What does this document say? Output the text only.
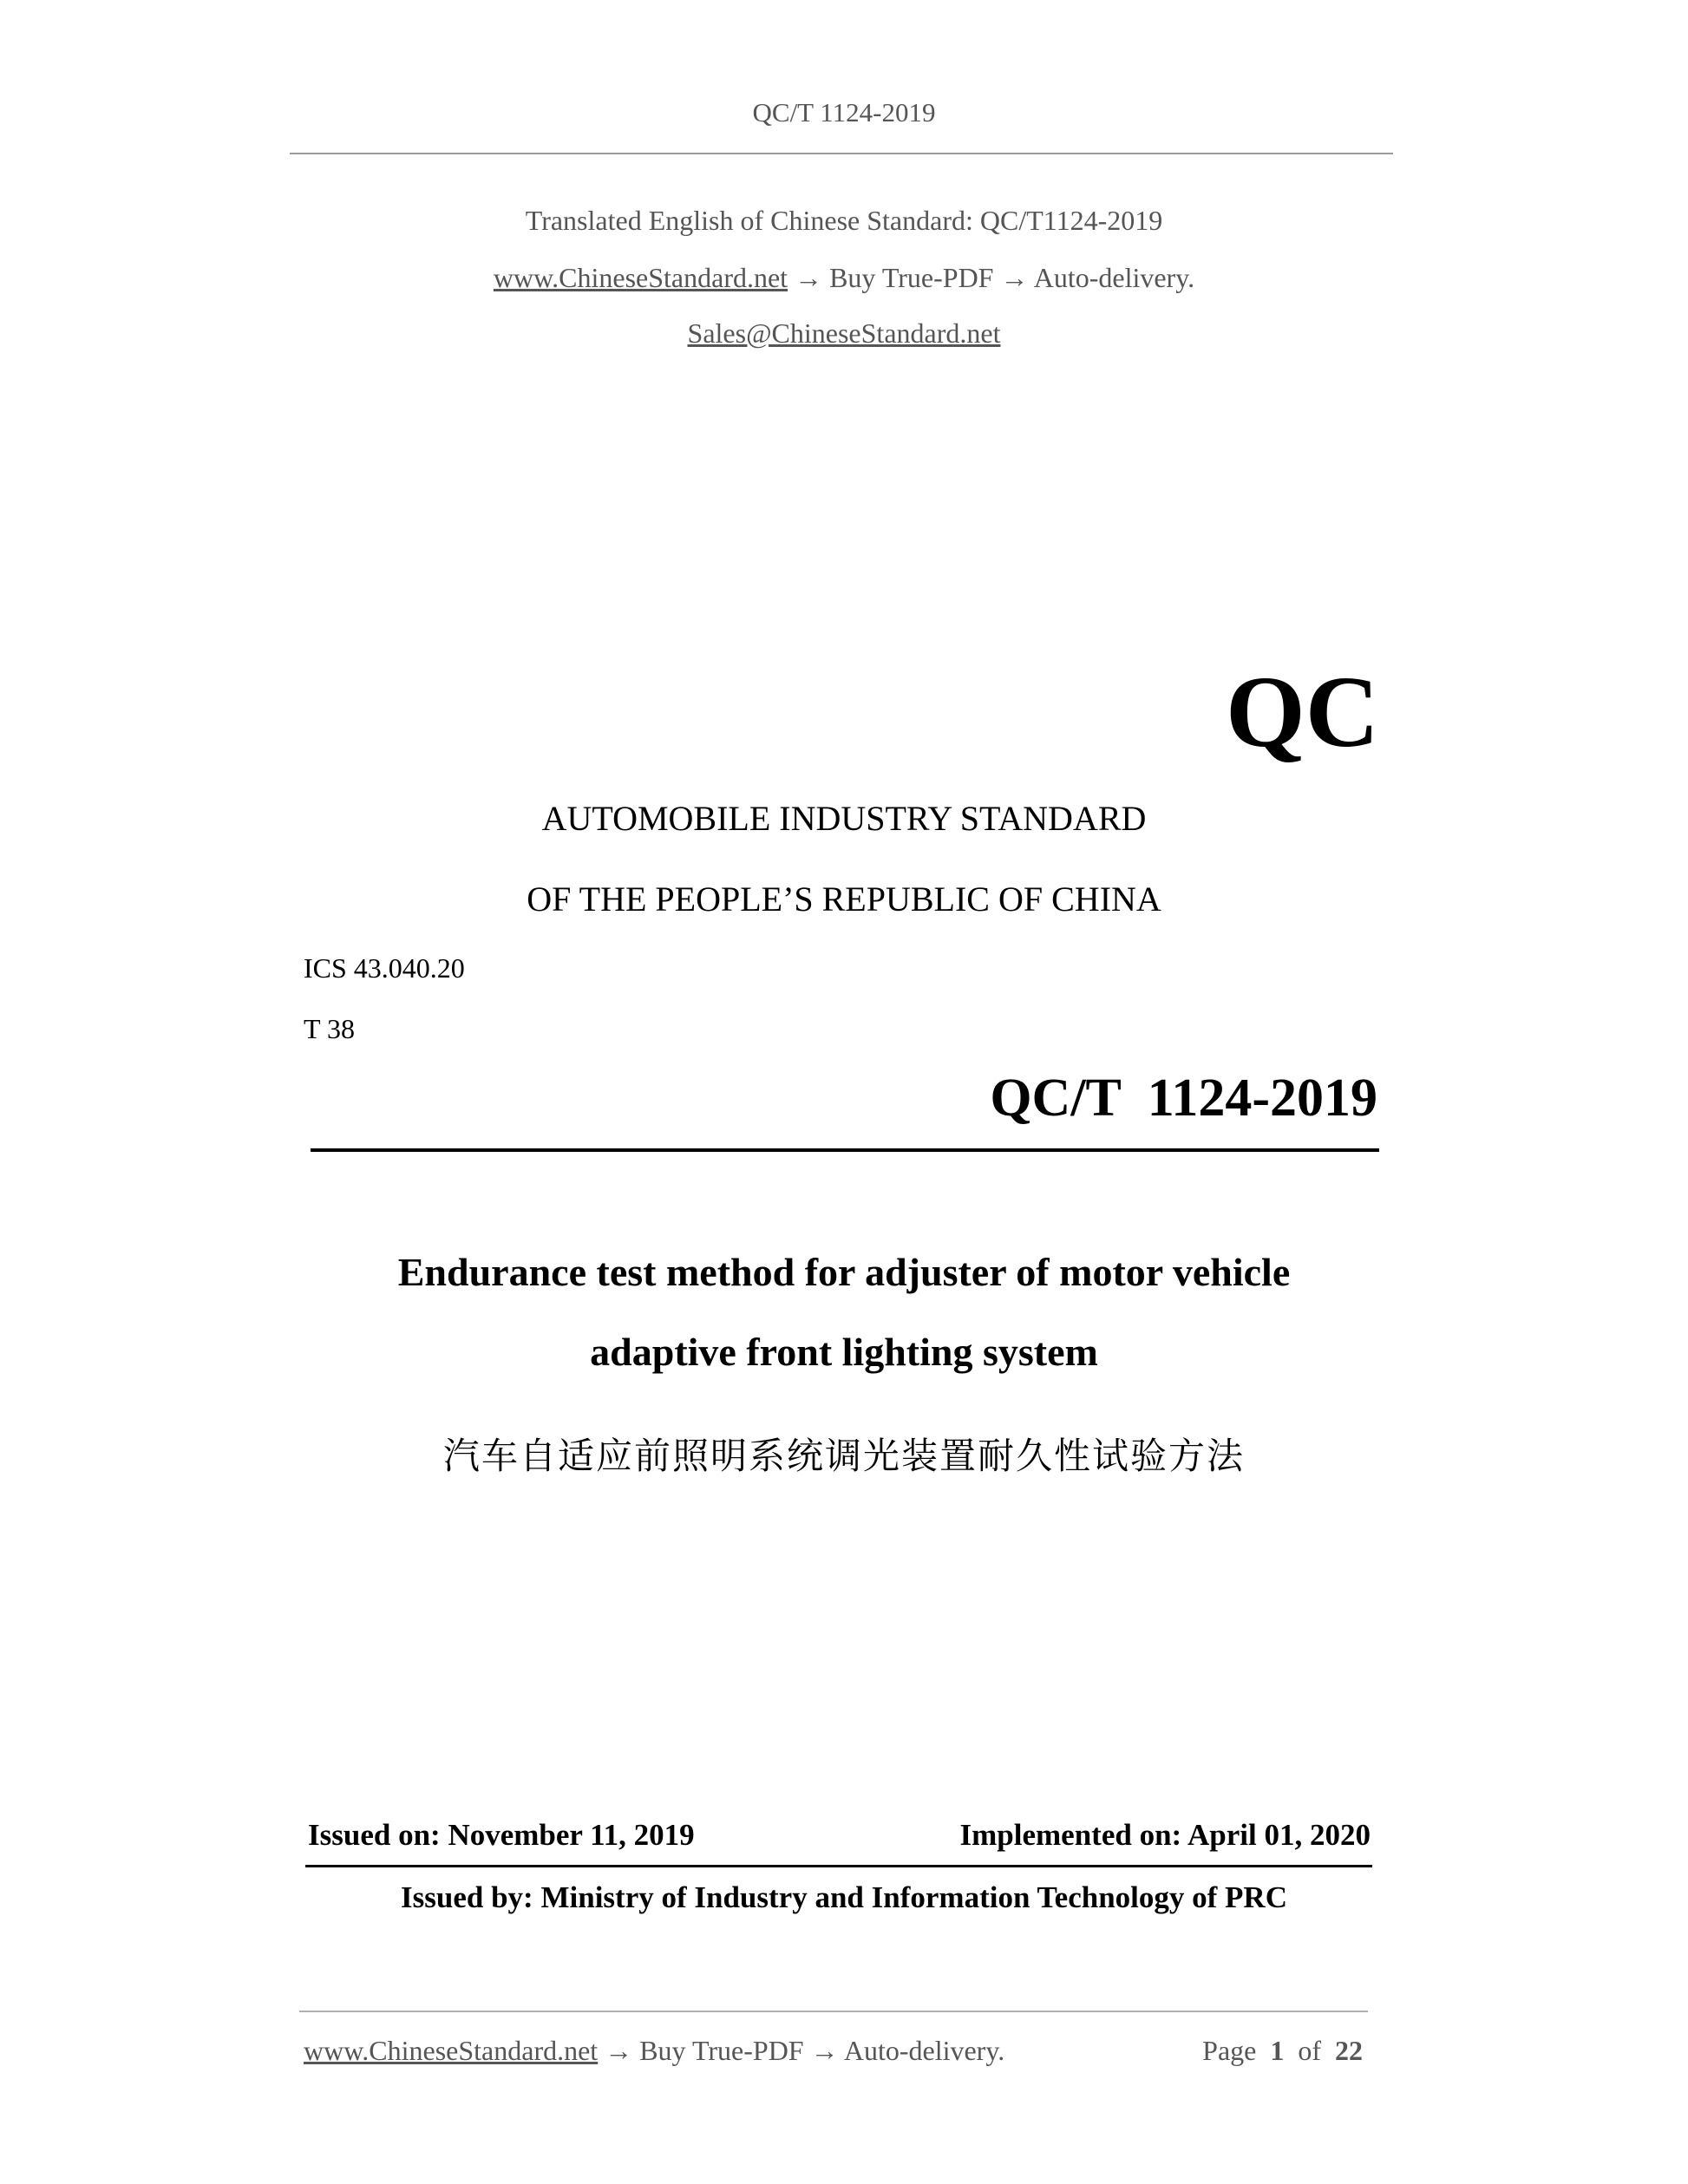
QC/T 1124-2019
Translated English of Chinese Standard: QC/T1124-2019
www.ChineseStandard.net → Buy True-PDF → Auto-delivery.
Sales@ChineseStandard.net
QC
AUTOMOBILE INDUSTRY STANDARD
OF THE PEOPLE’S REPUBLIC OF CHINA
ICS 43.040.20
T 38
QC/T  1124-2019
Endurance test method for adjuster of motor vehicle
adaptive front lighting system
汽车自适应前照明系统调光装置耐久性试验方法
Issued on: November 11, 2019	Implemented on: April 01, 2020
Issued by: Ministry of Industry and Information Technology of PRC
www.ChineseStandard.net → Buy True-PDF → Auto-delivery.	Page 1 of 22
